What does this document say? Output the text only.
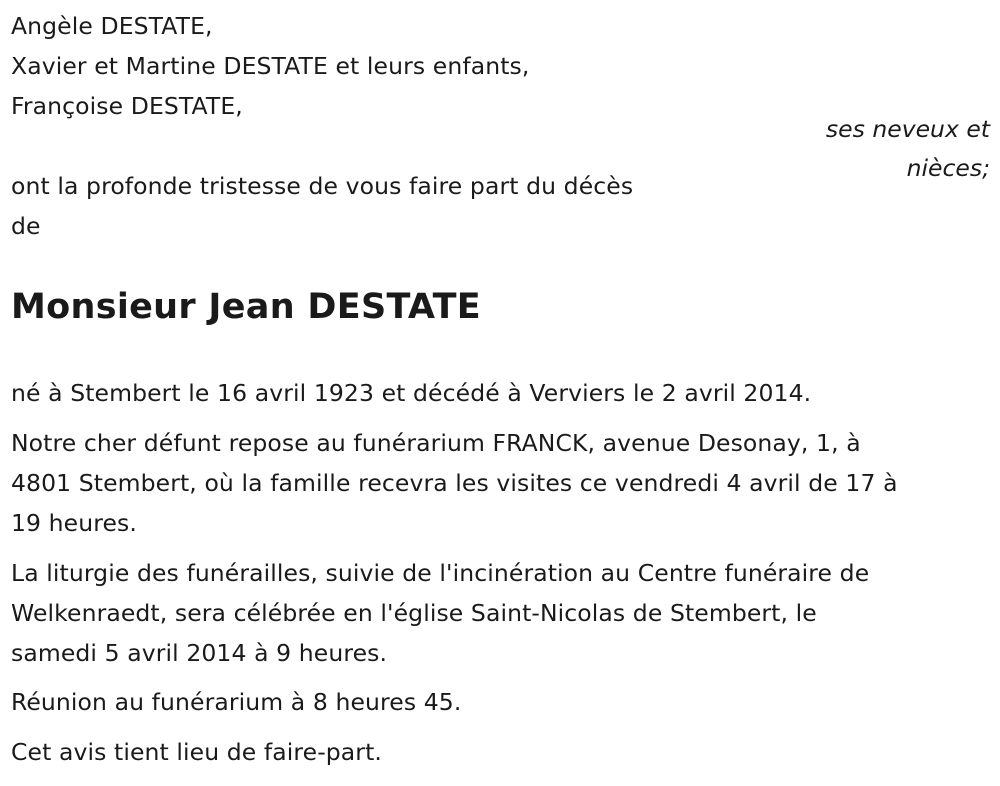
Angèle DESTATE,
Xavier et Martine DESTATE et leurs enfants,
Françoise DESTATE,
ses neveux et
nièces;
ont la profonde tristesse de vous faire part du décès
de
Monsieur Jean DESTATE
né à Stembert le 16 avril 1923 et décédé à Verviers le 2 avril 2014.
Notre cher défunt repose au funérarium FRANCK, avenue Desonay, 1, à
4801 Stembert, où la famille recevra les visites ce vendredi 4 avril de 17 à
19 heures.
La liturgie des funérailles, suivie de l'incinération au Centre funéraire de
Welkenraedt, sera célébrée en l'église Saint-Nicolas de Stembert, le
samedi 5 avril 2014 à 9 heures.
Réunion au funérarium à 8 heures 45.
Cet avis tient lieu de faire-part.
